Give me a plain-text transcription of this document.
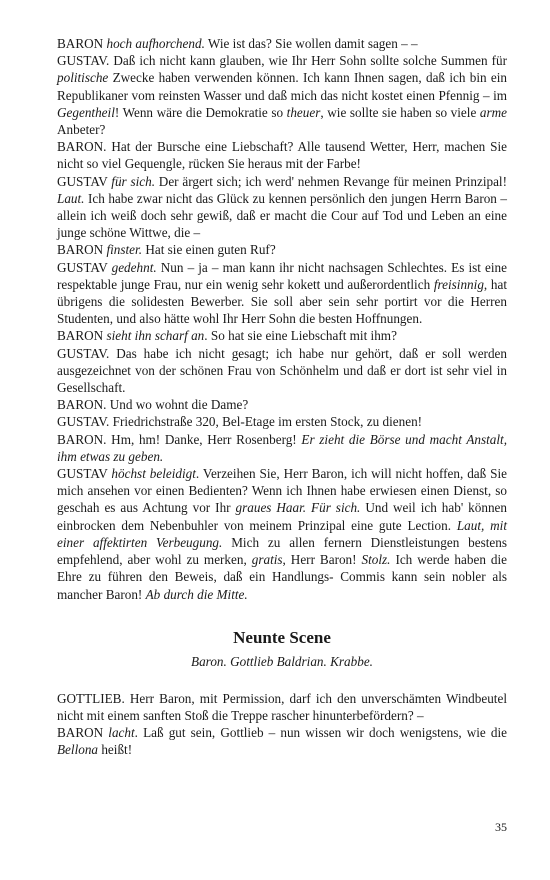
BARON hoch aufhorchend. Wie ist das? Sie wollen damit sagen – –

GUSTAV. Daß ich nicht kann glauben, wie Ihr Herr Sohn sollte solche Summen für politische Zwecke haben verwenden können. Ich kann Ihnen sagen, daß ich bin ein Republikaner vom reinsten Wasser und daß mich das nicht kostet einen Pfennig – im Gegentheil! Wenn wäre die Demokratie so theuer, wie sollte sie haben so viele arme Anbeter?

BARON. Hat der Bursche eine Liebschaft? Alle tausend Wetter, Herr, machen Sie nicht so viel Gequengle, rücken Sie heraus mit der Farbe!

GUSTAV für sich. Der ärgert sich; ich werd' nehmen Revange für meinen Prinzipal! Laut. Ich habe zwar nicht das Glück zu kennen persönlich den jungen Herrn Baron – allein ich weiß doch sehr gewiß, daß er macht die Cour auf Tod und Leben an eine junge schöne Wittwe, die –

BARON finster. Hat sie einen guten Ruf?

GUSTAV gedehnt. Nun – ja – man kann ihr nicht nachsagen Schlechtes. Es ist eine respektable junge Frau, nur ein wenig sehr kokett und außerordentlich freisinnig, hat übrigens die solidesten Bewerber. Sie soll aber sein sehr portirt vor die Herren Studenten, und also hätte wohl Ihr Herr Sohn die besten Hoffnungen.

BARON sieht ihn scharf an. So hat sie eine Liebschaft mit ihm?

GUSTAV. Das habe ich nicht gesagt; ich habe nur gehört, daß er soll werden ausgezeichnet von der schönen Frau von Schönhelm und daß er dort ist sehr viel in Gesellschaft.

BARON. Und wo wohnt die Dame?

GUSTAV. Friedrichstraße 320, Bel-Etage im ersten Stock, zu dienen!

BARON. Hm, hm! Danke, Herr Rosenberg! Er zieht die Börse und macht Anstalt, ihm etwas zu geben.

GUSTAV höchst beleidigt. Verzeihen Sie, Herr Baron, ich will nicht hoffen, daß Sie mich ansehen vor einen Bedienten? Wenn ich Ihnen habe erwiesen einen Dienst, so geschah es aus Achtung vor Ihr graues Haar. Für sich. Und weil ich hab' können einbrocken dem Nebenbuhler von meinem Prinzipal eine gute Lection. Laut, mit einer affektirten Verbeugung. Mich zu allen fernern Dienstleistungen bestens empfehlend, aber wohl zu merken, gratis, Herr Baron! Stolz. Ich werde haben die Ehre zu führen den Beweis, daß ein Handlungs- Commis kann sein nobler als mancher Baron! Ab durch die Mitte.

Neunte Scene
Baron. Gottlieb Baldrian. Krabbe.

GOTTLIEB. Herr Baron, mit Permission, darf ich den unverschämten Windbeutel nicht mit einem sanften Stoß die Treppe rascher hinunterbefördern? –

BARON lacht. Laß gut sein, Gottlieb – nun wissen wir doch wenigstens, wie die Bellona heißt!

35
